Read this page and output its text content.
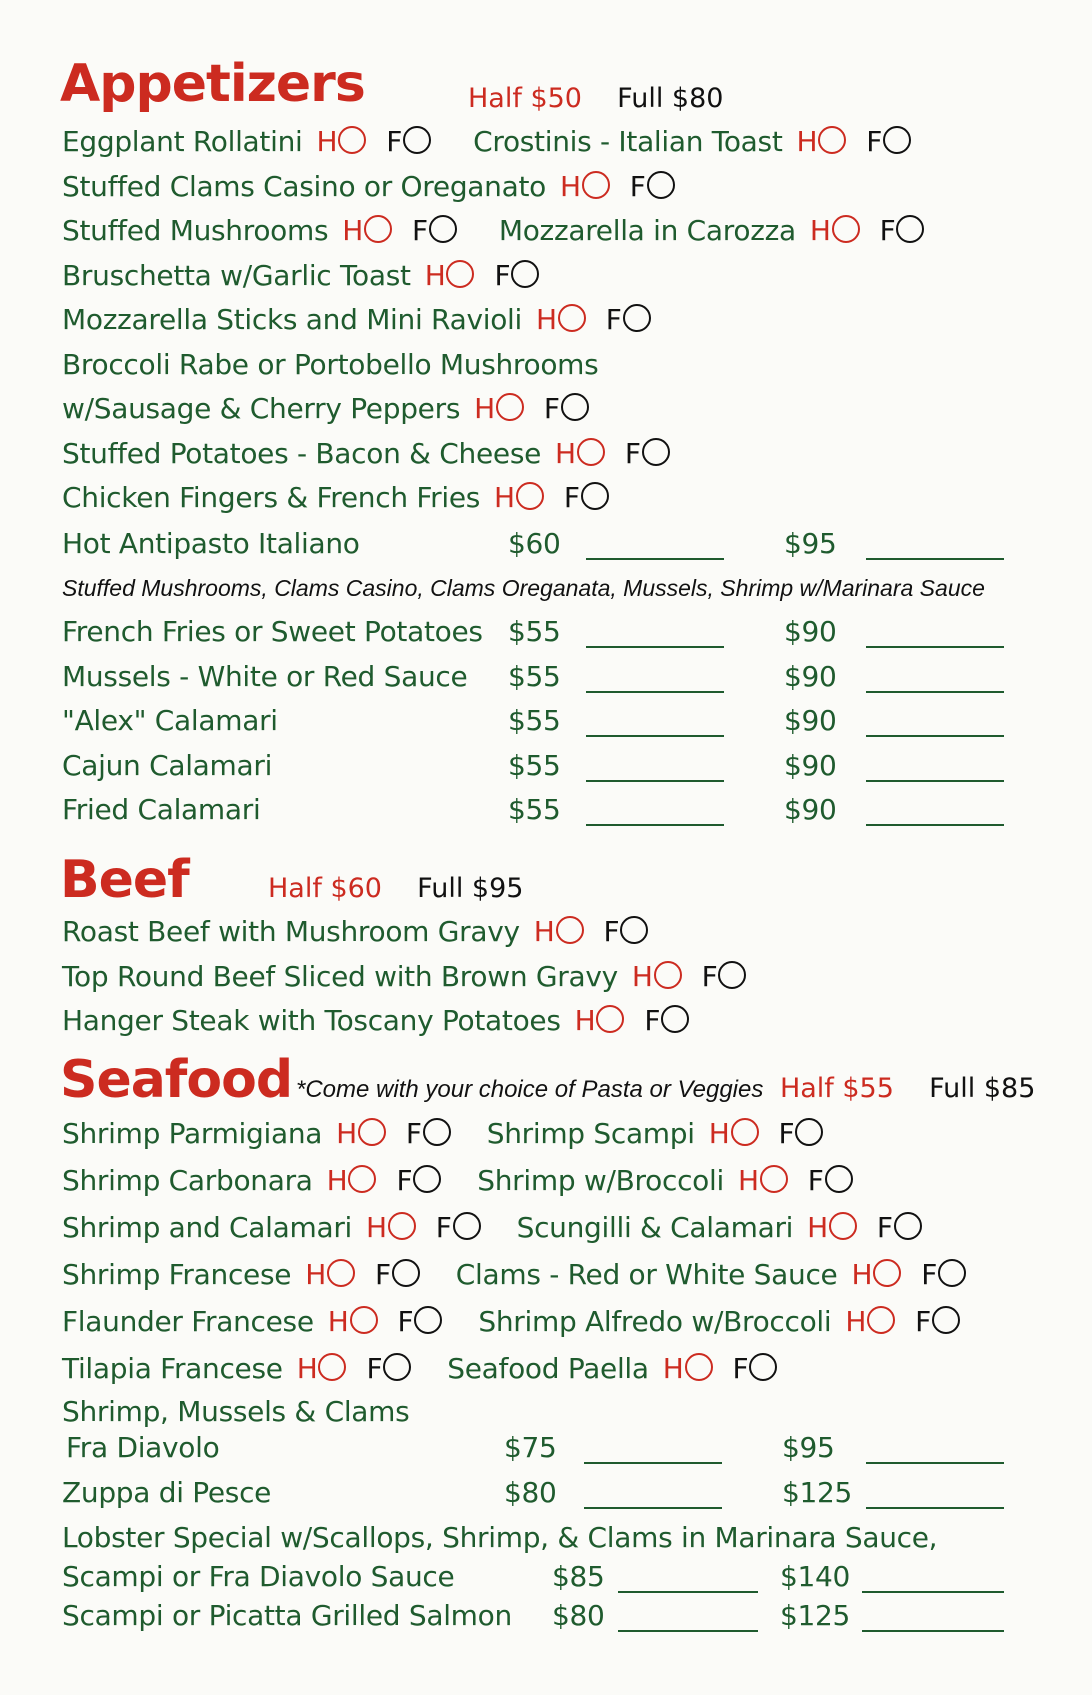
Appetizers	Half $50 Full $80
Eggplant Rollatini H F	Crostinis - Italian Toast H F
Stuffed Clams Casino or Oreganato H F
Stuffed Mushrooms H F	Mozzarella in Carozza H F
Bruschetta w/Garlic Toast H F
Mozzarella Sticks and Mini Ravioli H F
Broccoli Rabe or Portobello Mushrooms
w/Sausage & Cherry Peppers H F
Stuffed Potatoes - Bacon & Cheese H F
Chicken Fingers & French Fries H F
Hot Antipasto Italiano	$60	$95
Stuffed Mushrooms, Clams Casino, Clams Oreganata, Mussels, Shrimp w/Marinara Sauce
French Fries or Sweet Potatoes $55	$90
Mussels - White or Red Sauce $55	$90
"Alex" Calamari	$55	$90
Cajun Calamari	$55	$90
Fried Calamari	$55	$90
Beef	Half $60 Full $95
Roast Beef with Mushroom Gravy H F
Top Round Beef Sliced with Brown Gravy H F
Hanger Steak with Toscany Potatoes H F
Seafood *Come with your choice of Pasta or Veggies Half $55 Full $85
Shrimp Parmigiana H F Shrimp Scampi H F
Shrimp Carbonara H F Shrimp w/Broccoli H F
Shrimp and Calamari H F Scungilli & Calamari H F
Shrimp Francese H F Clams - Red or White Sauce H F
Flaunder Francese H F Shrimp Alfredo w/Broccoli H F
Tilapia Francese H F Seafood Paella H F
Shrimp, Mussels & Clams
Fra Diavolo	$75	$95
Zuppa di Pesce	$80	$125
Lobster Special w/Scallops, Shrimp, & Clams in Marinara Sauce,
Scampi or Fra Diavolo Sauce	$85	$140
Scampi or Picatta Grilled Salmon $80	$125
